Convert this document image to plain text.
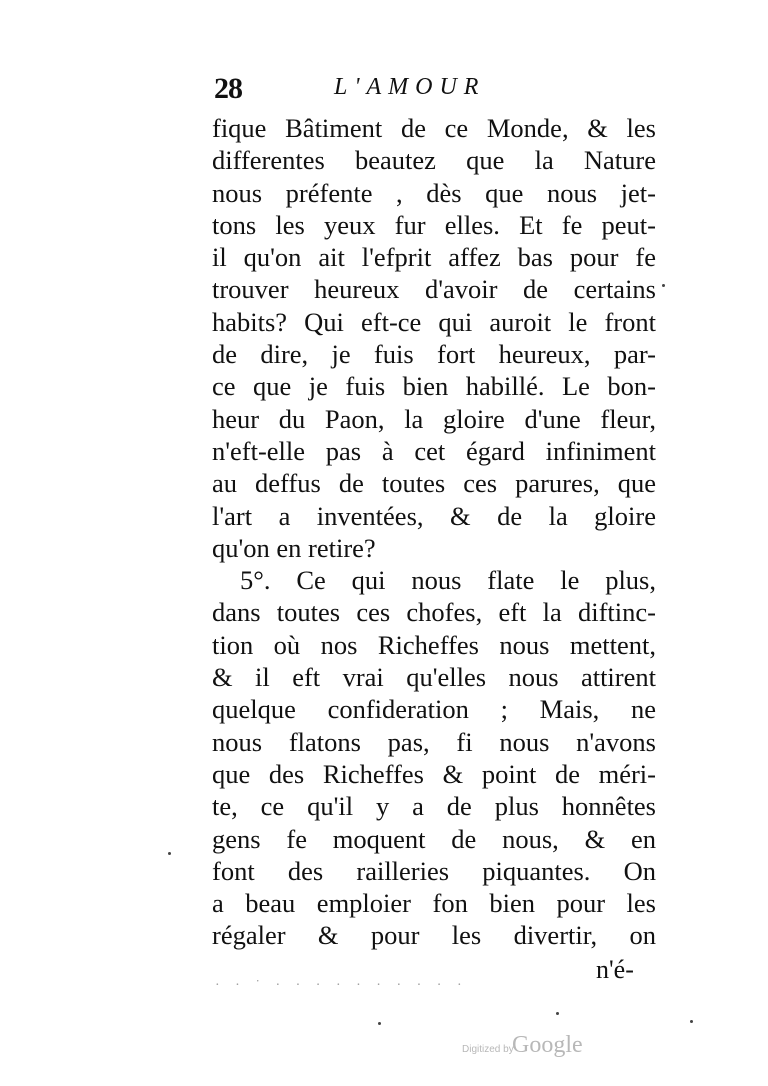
28	L'AMOUR
fique Bâtiment de ce Monde, & les
differentes beautez que la Nature
nous préfente , dès que nous jet-
tons les yeux fur elles. Et fe peut-
il qu'on ait l'efprit affez bas pour fe
trouver heureux d'avoir de certains
habits? Qui eft-ce qui auroit le front
de dire, je fuis fort heureux, par-
ce que je fuis bien habillé. Le bon-
heur du Paon, la gloire d'une fleur,
n'eft-elle pas à cet égard infiniment
au deffus de toutes ces parures, que
l'art a inventées, & de la gloire
qu'on en retire?
5°. Ce qui nous flate le plus,
dans toutes ces chofes, eft la diftinc-
tion où nos Richeffes nous mettent,
& il eft vrai qu'elles nous attirent
quelque confideration ; Mais, ne
nous flatons pas, fi nous n'avons
que des Richeffes & point de méri-
te, ce qu'il y a de plus honnêtes
gens fe moquent de nous, & en
font des railleries piquantes. On
a beau emploier fon bien pour les
régaler & pour les divertir, on
· · ˙ · · · · · · · · · ·
n'é-
Digitized by
Google
